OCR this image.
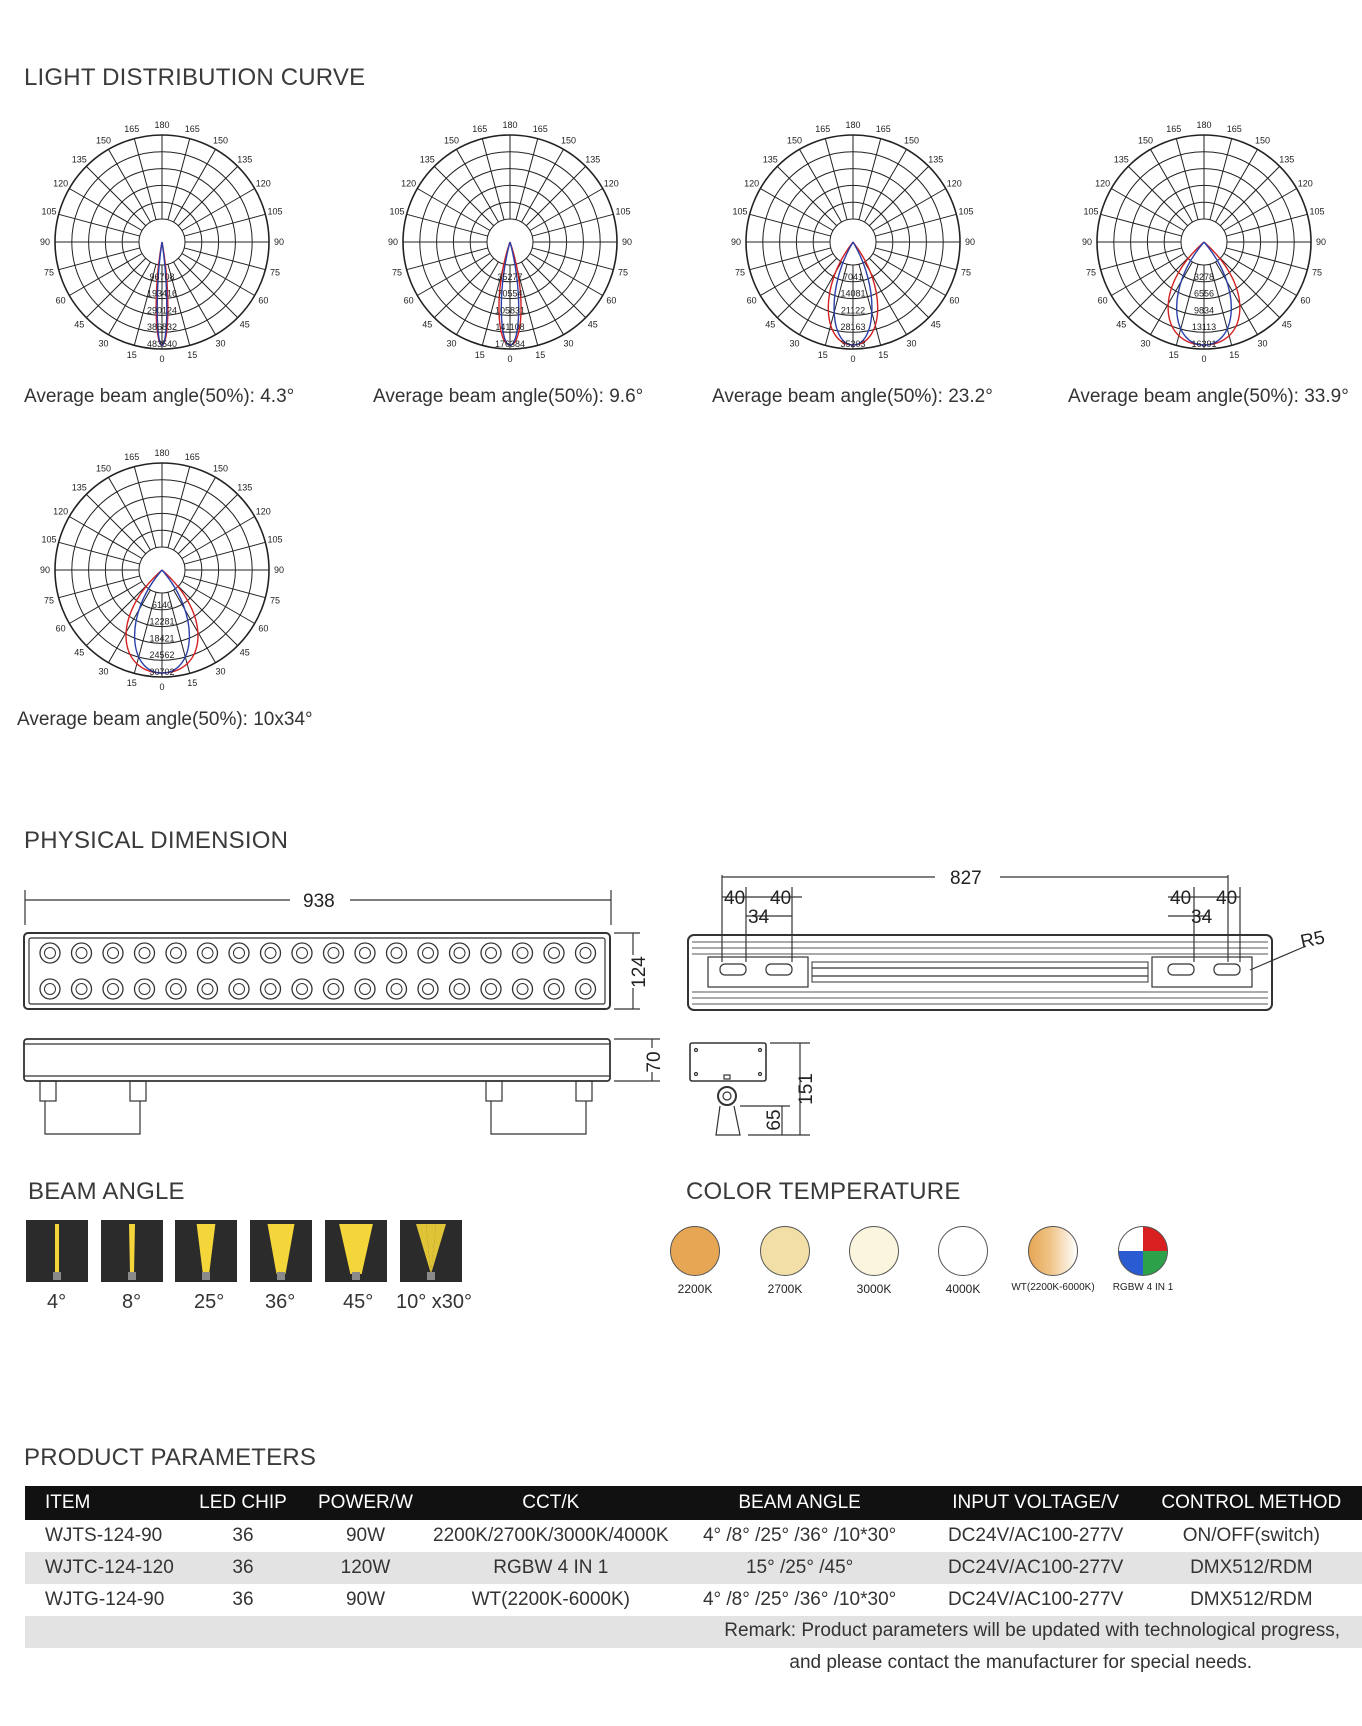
LIGHT DISTRIBUTION CURVE
PHYSICAL DIMENSION
BEAM ANGLE	COLOR TEMPERATURE
PRODUCT PARAMETERS
180 165
165
150
150
135
135
120
120
105
105
90
90
75
75
60
60
45
45
30
30
15
15	0
96708
193416
290124
386832
483540
180 165
165
150
150
135
135
120
120
105
105
90
90
75
75
60
60
45
45
30
30
15
15	0
35277
70554
105831
141108
176384
180 165
165
150
150
135
135
120
120
105
105
90
90
75
75
60
60
45
45
30
30
15
15	0
7041
14081
21122
28163
35203
180 165
165
150
150
135
135
120
120
105
105
90
90
75
75
60
60
45
45
30
30
15
15	0
3278
6556
9834
13113
16391
180 165
165
150
150
135
135
120
120
105
105
90
90
75
75
60
60
45
45
30
30
15
15	0
6140
12281
18421
24562
30702
Average beam angle(50%): 4.3°	Average beam angle(50%): 9.6°	Average beam angle(50%): 23.2°	Average beam angle(50%): 33.9°
Average beam angle(50%): 10x34°
938
124
70
827
40 40
34
40 40
34
R5
151
65
4°	8°	25° 36° 45° 10° x30°
2200K	2700K	3000K	4000K	WT(2200K-6000K) RGBW 4 IN 1
ITEM	LED CHIP	POWER/W	CCT/K	BEAM ANGLE	INPUT VOLTAGE/V	CONTROL METHOD
WJTS-124-90	36	90W	2200K/2700K/3000K/4000K	4° /8° /25° /36° /10*30°	DC24V/AC100-277V	ON/OFF(switch)
WJTC-124-120	36	120W	RGBW 4 IN 1	15° /25° /45°	DC24V/AC100-277V	DMX512/RDM
WJTG-124-90	36	90W	WT(2200K-6000K)	4° /8° /25° /36° /10*30°	DC24V/AC100-277V	DMX512/RDM
Remark: Product parameters will be updated with technological progress,
and please contact the manufacturer for special needs.
